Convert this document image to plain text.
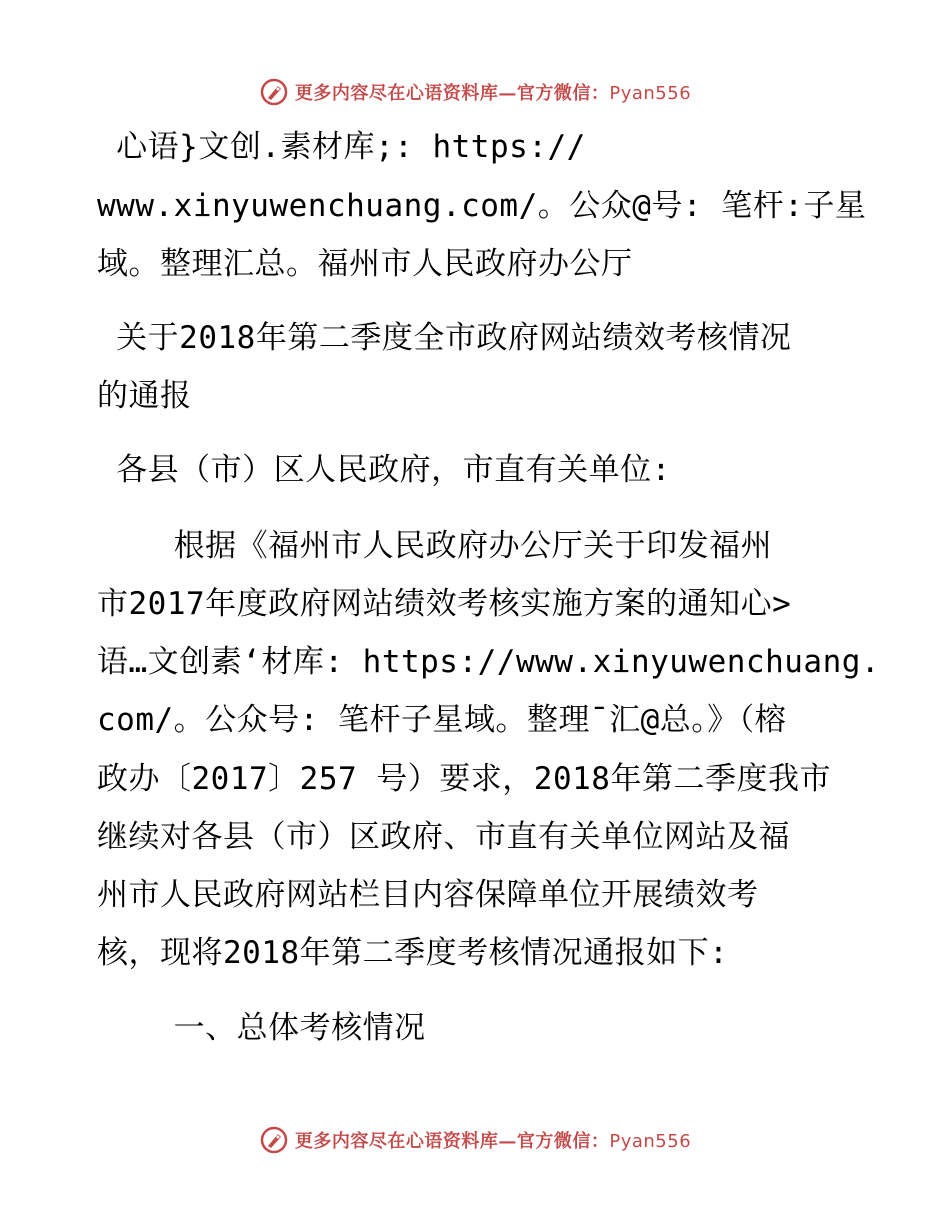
更多内容尽在心语资料库—官方微信：Pyan556
心语}文创.素材库;: https://
www.xinyuwenchuang.com/。公众@号: 笔杆:子星
域。整理汇总。福州市人民政府办公厅
关于2018年第二季度全市政府网站绩效考核情况
的通报
各县（市）区人民政府，市直有关单位:
根据《福州市人民政府办公厅关于印发福州
市2017年度政府网站绩效考核实施方案的通知心>
语…文创素‘材库: https://www.xinyuwenchuang.
com/。公众号: 笔杆子星域。整理¯汇@总。》（榕
政办〔2017〕257 号）要求，2018年第二季度我市
继续对各县（市）区政府、市直有关单位网站及福
州市人民政府网站栏目内容保障单位开展绩效考
核，现将2018年第二季度考核情况通报如下:
一、总体考核情况
更多内容尽在心语资料库—官方微信：Pyan556
